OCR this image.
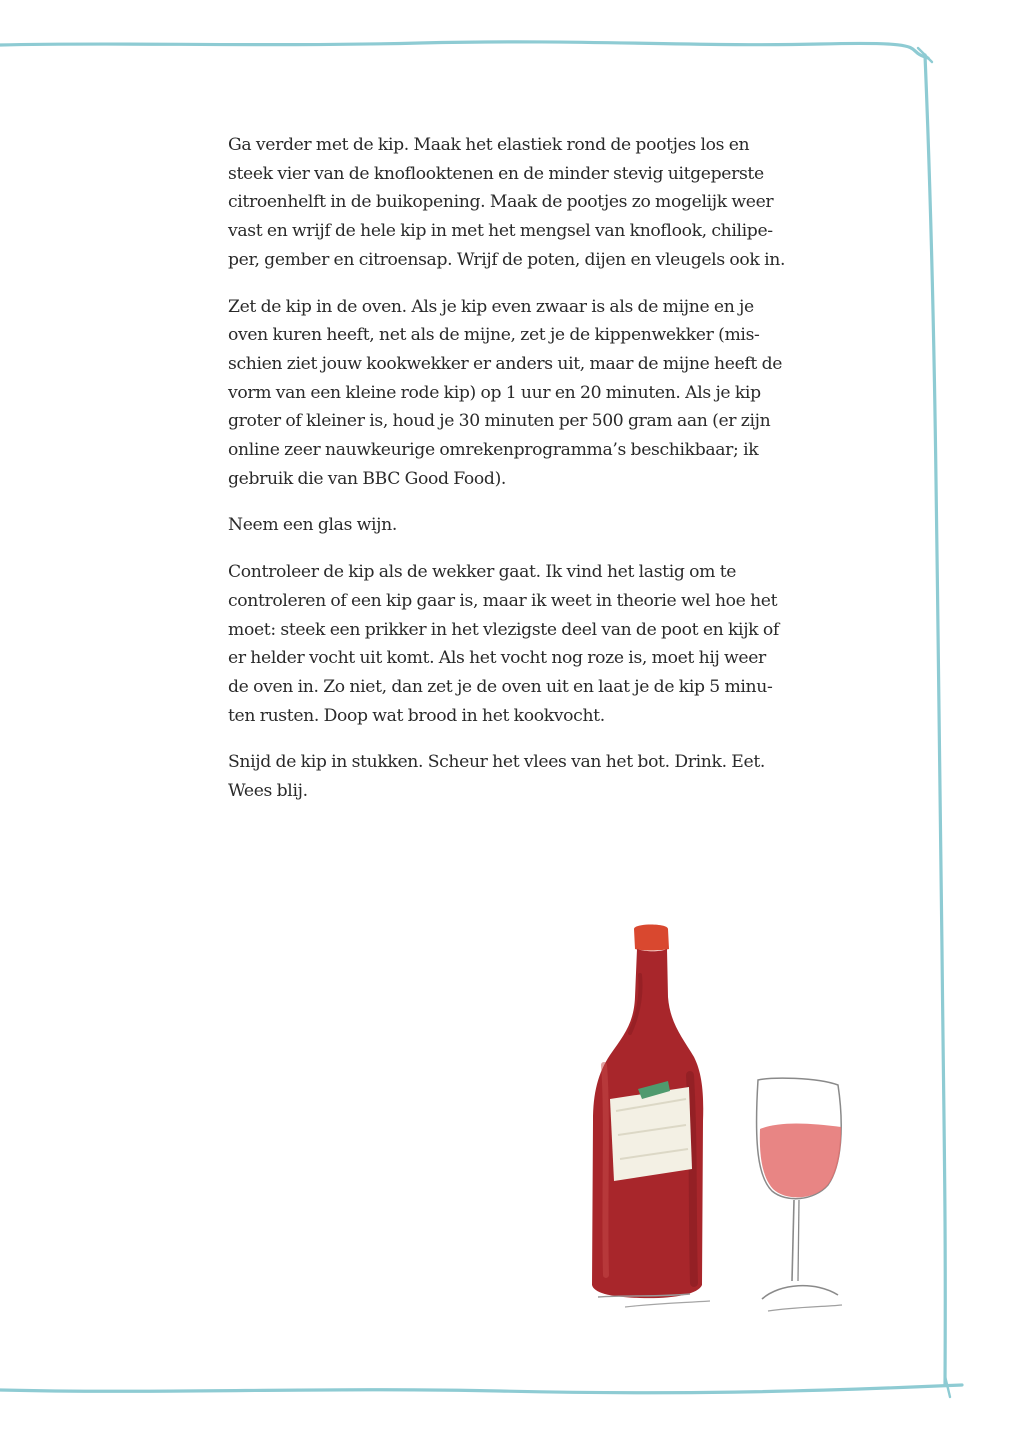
Ga verder met de kip. Maak het elastiek rond de pootjes los en
steek vier van de knoflooktenen en de minder stevig uitgeperste
citroenhelft in de buikopening. Maak de pootjes zo mogelijk weer
vast en wrijf de hele kip in met het mengsel van knoflook, chilipe-
per, gember en citroensap. Wrijf de poten, dijen en vleugels ook in.

Zet de kip in de oven. Als je kip even zwaar is als de mijne en je
oven kuren heeft, net als de mijne, zet je de kippenwekker (mis-
schien ziet jouw kookwekker er anders uit, maar de mijne heeft de
vorm van een kleine rode kip) op 1 uur en 20 minuten. Als je kip
groter of kleiner is, houd je 30 minuten per 500 gram aan (er zijn
online zeer nauwkeurige omrekenprogramma’s beschikbaar; ik
gebruik die van BBC Good Food).

Neem een glas wijn.

Controleer de kip als de wekker gaat. Ik vind het lastig om te
controleren of een kip gaar is, maar ik weet in theorie wel hoe het
moet: steek een prikker in het vlezigste deel van de poot en kijk of
er helder vocht uit komt. Als het vocht nog roze is, moet hij weer
de oven in. Zo niet, dan zet je de oven uit en laat je de kip 5 minu-
ten rusten. Doop wat brood in het kookvocht.

Snijd de kip in stukken. Scheur het vlees van het bot. Drink. Eet.
Wees blij.
